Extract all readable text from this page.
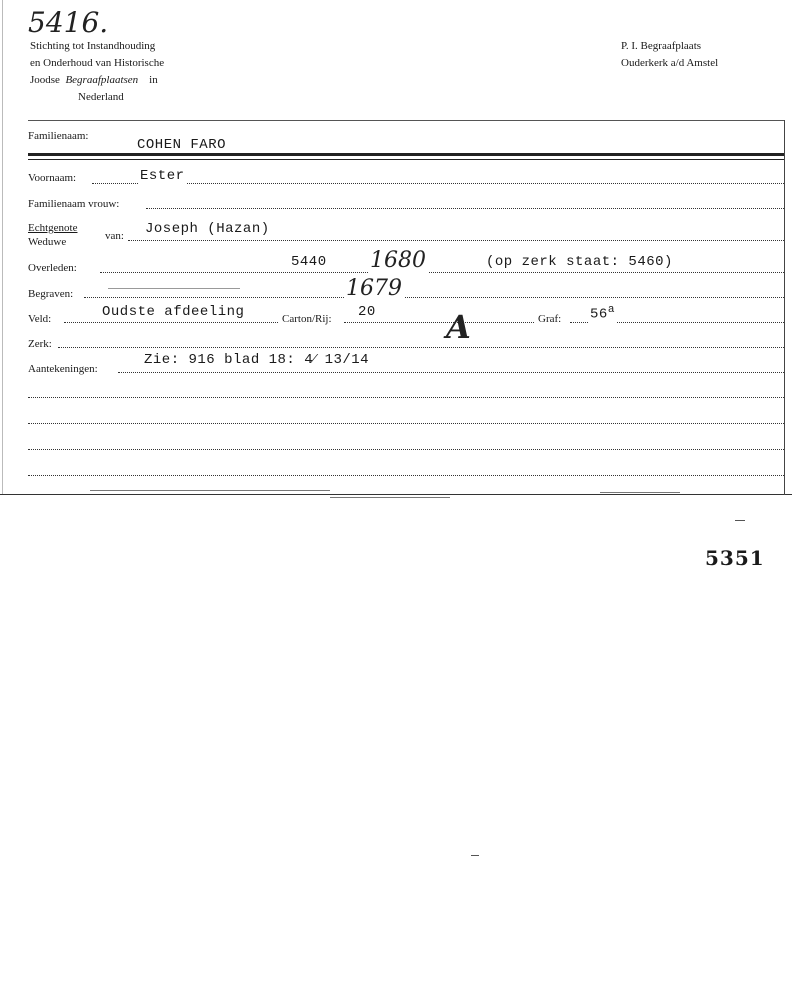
5416.
Stichting tot Instandhouding
en Onderhoud van Historische
Joodse Begraafplaatsen in
Nederland
P. I. Begraafplaats
Ouderkerk a/d Amstel
Familienaam:
COHEN FARO
Voornaam:	Ester
Familienaam vrouw:
Echtgenote
Weduwe	van: Joseph (Hazan)
Overleden:	5440 1680	(op zerk staat: 5460)
Begraven:	1679
Veld:	Oudste afdeeling	Carton/Rij: 20 A	Graf: 56$^a$
Zerk:
Aantekeningen:
Zie: 916 blad 18: 4⁄ 13/14
5351
